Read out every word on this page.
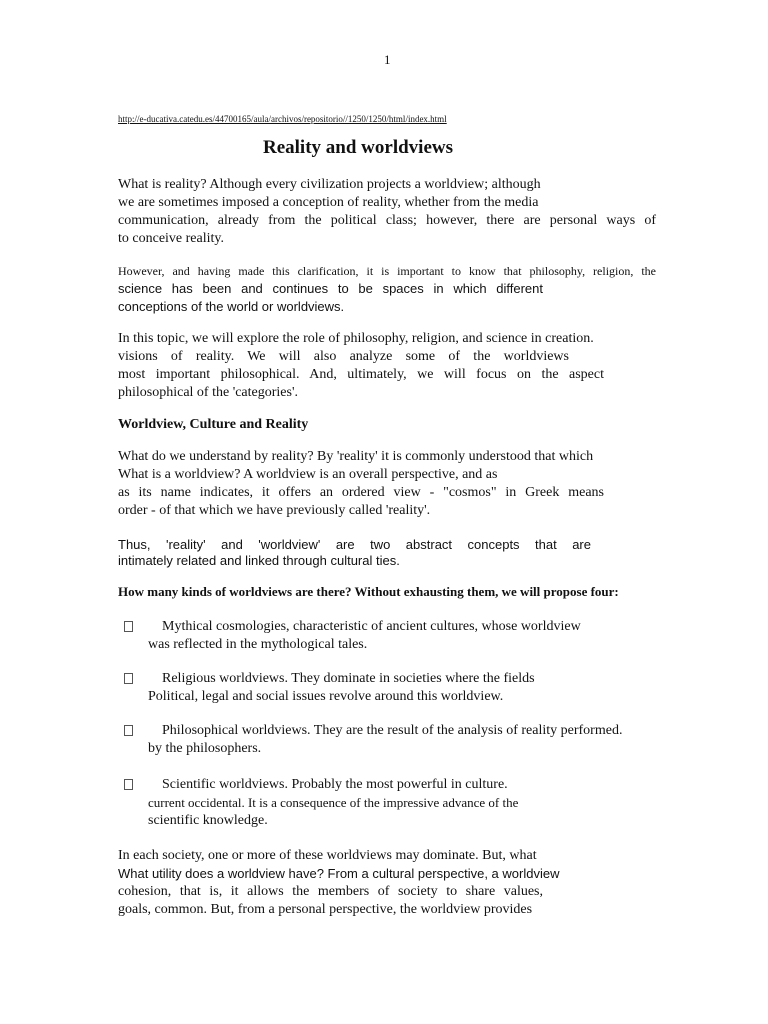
1
http://e-ducativa.catedu.es/44700165/aula/archivos/repositorio//1250/1250/html/index.html
Reality and worldviews
What is reality? Although every civilization projects a worldview; although
we are sometimes imposed a conception of reality, whether from the media
communication, already from the political class; however, there are personal ways of
to conceive reality.
However, and having made this clarification, it is important to know that philosophy, religion, the
science has been and continues to be spaces in which different
conceptions of the world or worldviews.
In this topic, we will explore the role of philosophy, religion, and science in creation.
visions of reality. We will also analyze some of the worldviews
most important philosophical. And, ultimately, we will focus on the aspect
philosophical of the 'categories'.
Worldview, Culture and Reality
What do we understand by reality? By 'reality' it is commonly understood that which
What is a worldview? A worldview is an overall perspective, and as
as its name indicates, it offers an ordered view - "cosmos" in Greek means
order - of that which we have previously called 'reality'.
Thus, 'reality' and 'worldview' are two abstract concepts that are
intimately related and linked through cultural ties.
How many kinds of worldviews are there? Without exhausting them, we will propose four:
Mythical cosmologies, characteristic of ancient cultures, whose worldview
was reflected in the mythological tales.
Religious worldviews. They dominate in societies where the fields
Political, legal and social issues revolve around this worldview.
Philosophical worldviews. They are the result of the analysis of reality performed.
by the philosophers.
Scientific worldviews. Probably the most powerful in culture.
current occidental. It is a consequence of the impressive advance of the
scientific knowledge.
In each society, one or more of these worldviews may dominate. But, what
What utility does a worldview have? From a cultural perspective, a worldview
cohesion, that is, it allows the members of society to share values,
goals, common. But, from a personal perspective, the worldview provides
